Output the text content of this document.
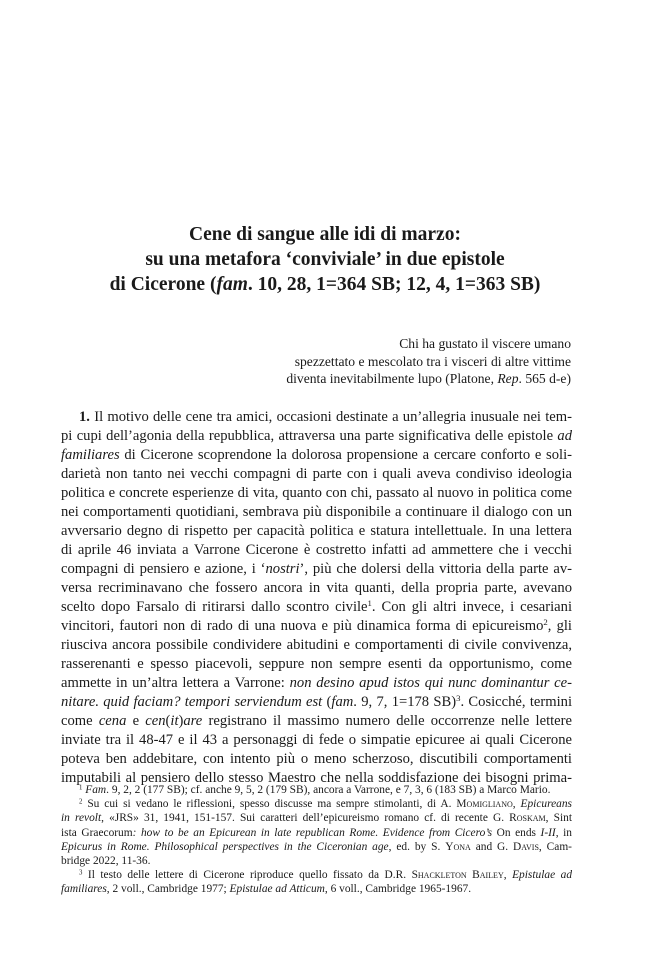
Cene di sangue alle idi di marzo:
su una metafora ‘conviviale’ in due epistole
di Cicerone (fam. 10, 28, 1=364 SB; 12, 4, 1=363 SB)
Chi ha gustato il viscere umano
spezzettato e mescolato tra i visceri di altre vittime
diventa inevitabilmente lupo (Platone, Rep. 565 d-e)
1. Il motivo delle cene tra amici, occasioni destinate a un’allegria inusuale nei tem-
pi cupi dell’agonia della repubblica, attraversa una parte significativa delle epistole ad
familiares di Cicerone scoprendone la dolorosa propensione a cercare conforto e soli-
darietà non tanto nei vecchi compagni di parte con i quali aveva condiviso ideologia
politica e concrete esperienze di vita, quanto con chi, passato al nuovo in politica come
nei comportamenti quotidiani, sembrava più disponibile a continuare il dialogo con un
avversario degno di rispetto per capacità politica e statura intellettuale. In una lettera
di aprile 46 inviata a Varrone Cicerone è costretto infatti ad ammettere che i vecchi
compagni di pensiero e azione, i ‘nostri’, più che dolersi della vittoria della parte av-
versa recriminavano che fossero ancora in vita quanti, della propria parte, avevano
scelto dopo Farsalo di ritirarsi dallo scontro civile$^1$. Con gli altri invece, i cesariani
vincitori, fautori non di rado di una nuova e più dinamica forma di epicureismo$^2$, gli
riusciva ancora possibile condividere abitudini e comportamenti di civile convivenza,
rasserenanti e spesso piacevoli, seppure non sempre esenti da opportunismo, come
ammette in un’altra lettera a Varrone: non desino apud istos qui nunc dominantur ce-
nitare. quid faciam? tempori serviendum est (fam. 9, 7, 1=178 SB)$^3$. Cosicché, termini
come cena e cen(it)are registrano il massimo numero delle occorrenze nelle lettere
inviate tra il 48-47 e il 43 a personaggi di fede o simpatie epicuree ai quali Cicerone
poteva ben addebitare, con intento più o meno scherzoso, discutibili comportamenti
imputabili al pensiero dello stesso Maestro che nella soddisfazione dei bisogni prima-
$^1$ Fam. 9, 2, 2 (177 SB); cf. anche 9, 5, 2 (179 SB), ancora a Varrone, e 7, 3, 6 (183 SB) a Marco Mario.
$^2$ Su cui si vedano le riflessioni, spesso discusse ma sempre stimolanti, di A. Momigliano, Epicureans
in revolt, «JRS» 31, 1941, 151-157. Sui caratteri dell’epicureismo romano cf. di recente G. Roskam, Sint
ista Graecorum: how to be an Epicurean in late republican Rome. Evidence from Cicero’s On ends I-II, in
Epicurus in Rome. Philosophical perspectives in the Ciceronian age, ed. by S. Yona and G. Davis, Cam-
bridge 2022, 11-36.
$^3$ Il testo delle lettere di Cicerone riproduce quello fissato da D.R. Shackleton Bailey, Epistulae ad
familiares, 2 voll., Cambridge 1977; Epistulae ad Atticum, 6 voll., Cambridge 1965-1967.
